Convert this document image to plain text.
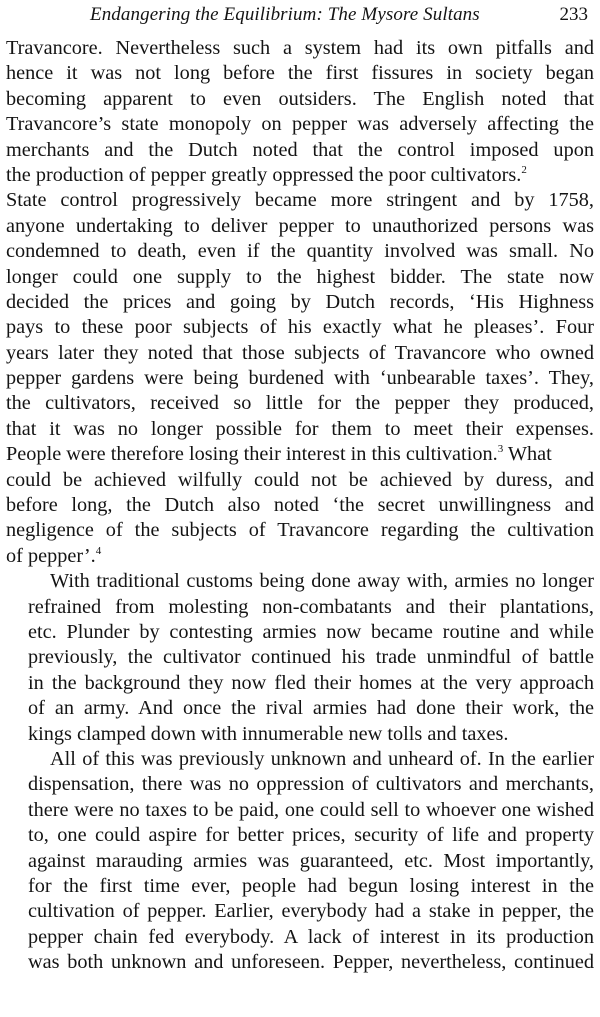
Endangering the Equilibrium: The Mysore Sultans	233

Travancore. Nevertheless such a system had its own pitfalls and
hence it was not long before the first fissures in society began
becoming apparent to even outsiders. The English noted that
Travancore’s state monopoly on pepper was adversely affecting the
merchants and the Dutch noted that the control imposed upon
the production of pepper greatly oppressed the poor cultivators.$^2$
State control progressively became more stringent and by 1758,
anyone undertaking to deliver pepper to unauthorized persons was
condemned to death, even if the quantity involved was small. No
longer could one supply to the highest bidder. The state now
decided the prices and going by Dutch records, ‘His Highness
pays to these poor subjects of his exactly what he pleases’. Four
years later they noted that those subjects of Travancore who owned
pepper gardens were being burdened with ‘unbearable taxes’. They,
the cultivators, received so little for the pepper they produced,
that it was no longer possible for them to meet their expenses.
People were therefore losing their interest in this cultivation.$^3$ What
could be achieved wilfully could not be achieved by duress, and
before long, the Dutch also noted ‘the secret unwillingness and
negligence of the subjects of Travancore regarding the cultivation
of pepper’.$^4$

With traditional customs being done away with, armies no longer
refrained from molesting non-combatants and their plantations,
etc. Plunder by contesting armies now became routine and while
previously, the cultivator continued his trade unmindful of battle
in the background they now fled their homes at the very approach
of an army. And once the rival armies had done their work, the
kings clamped down with innumerable new tolls and taxes.

All of this was previously unknown and unheard of. In the earlier
dispensation, there was no oppression of cultivators and merchants,
there were no taxes to be paid, one could sell to whoever one wished
to, one could aspire for better prices, security of life and property
against marauding armies was guaranteed, etc. Most importantly,
for the first time ever, people had begun losing interest in the
cultivation of pepper. Earlier, everybody had a stake in pepper, the
pepper chain fed everybody. A lack of interest in its production
was both unknown and unforeseen. Pepper, nevertheless, continued
